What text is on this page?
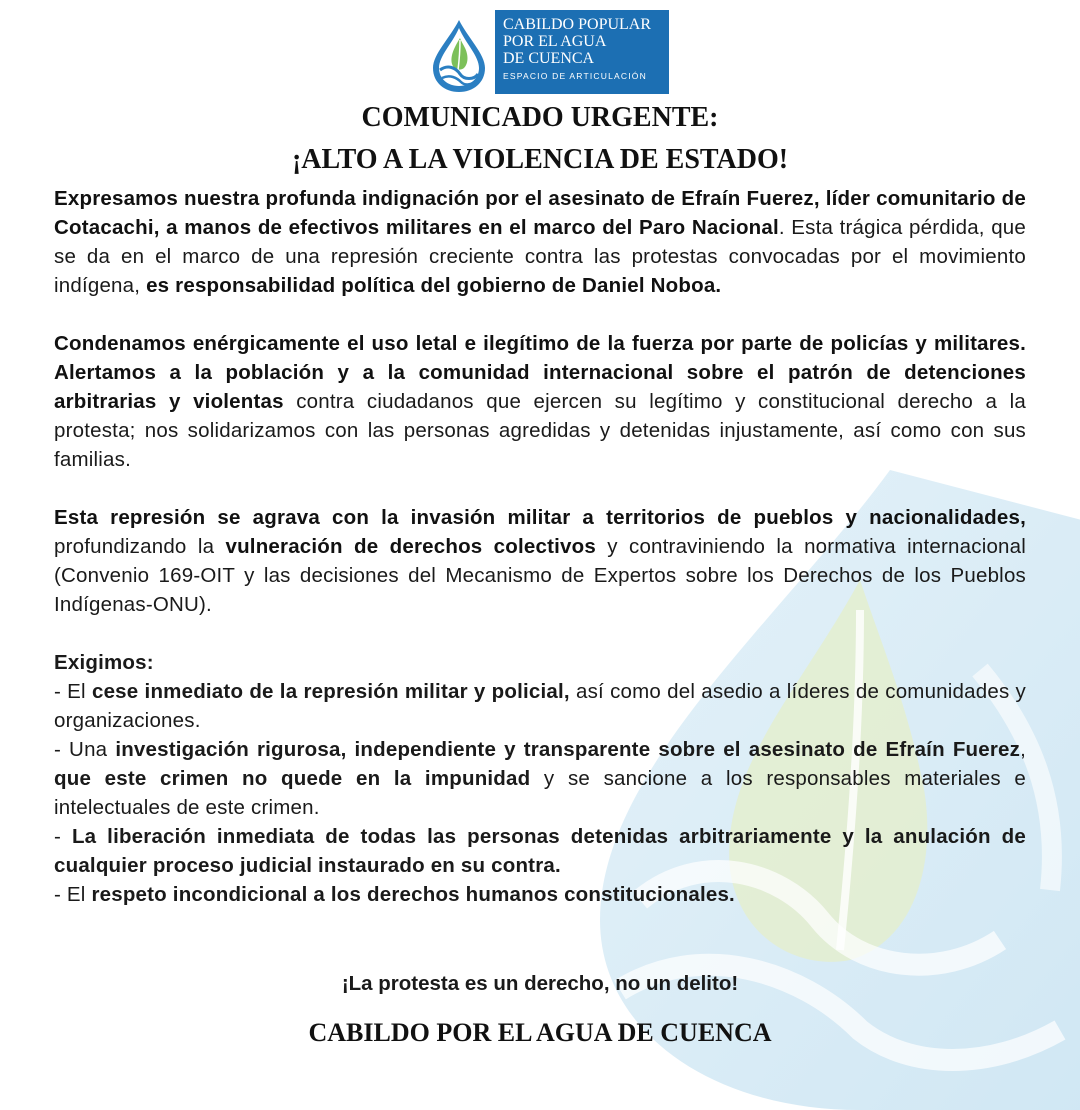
CABILDO POPULAR
POR EL AGUA
DE CUENCA
ESPACIO DE ARTICULACIÓN
COMUNICADO URGENTE:
¡ALTO A LA VIOLENCIA DE ESTADO!

Expresamos nuestra profunda indignación por el asesinato de Efraín Fuerez, líder comunitario de Cotacachi, a manos de efectivos militares en el marco del Paro Nacional. Esta trágica pérdida, que se da en el marco de una represión creciente contra las protestas convocadas por el movimiento indígena, es responsabilidad política del gobierno de Daniel Noboa.

Condenamos enérgicamente el uso letal e ilegítimo de la fuerza por parte de policías y militares. Alertamos a la población y a la comunidad internacional sobre el patrón de detenciones arbitrarias y violentas contra ciudadanos que ejercen su legítimo y constitucional derecho a la protesta; nos solidarizamos con las personas agredidas y detenidas injustamente, así como con sus familias.

Esta represión se agrava con la invasión militar a territorios de pueblos y nacionalidades, profundizando la vulneración de derechos colectivos y contraviniendo la normativa internacional (Convenio 169-OIT y las decisiones del Mecanismo de Expertos sobre los Derechos de los Pueblos Indígenas-ONU).

Exigimos:
- El cese inmediato de la represión militar y policial, así como del asedio a líderes de comunidades y organizaciones.
- Una investigación rigurosa, independiente y transparente sobre el asesinato de Efraín Fuerez, que este crimen no quede en la impunidad y se sancione a los responsables materiales e intelectuales de este crimen.
- La liberación inmediata de todas las personas detenidas arbitrariamente y la anulación de cualquier proceso judicial instaurado en su contra.
- El respeto incondicional a los derechos humanos constitucionales.
¡La protesta es un derecho, no un delito!
CABILDO POR EL AGUA DE CUENCA
